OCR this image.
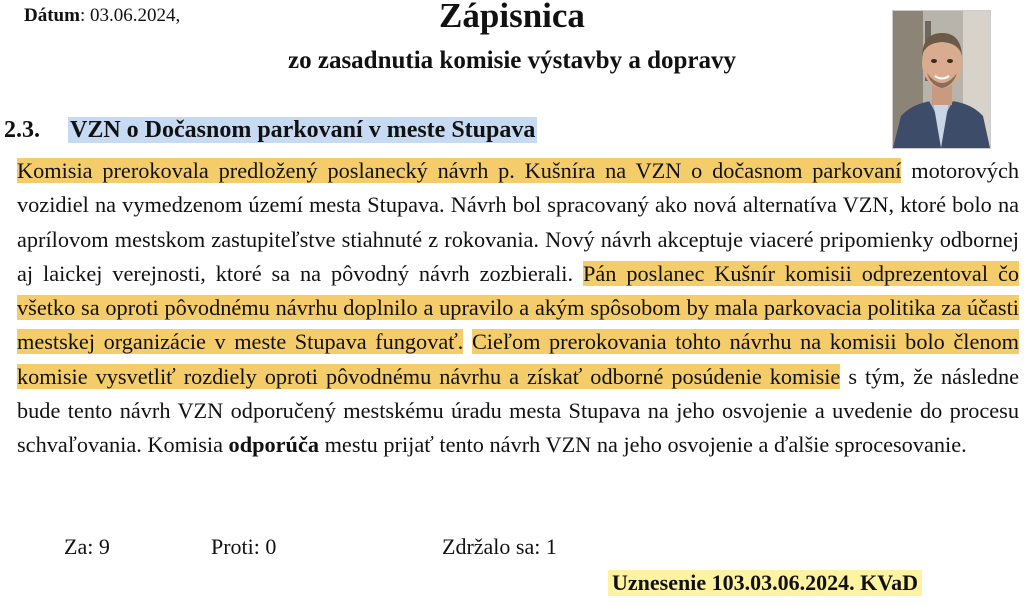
Dátum: 03.06.2024,	Zápisnica
zo zasadnutia komisie výstavby a dopravy
2.3. VZN o Dočasnom parkovaní v meste Stupava
Komisia prerokovala predložený poslanecký návrh p. Kušníra na VZN o dočasnom parkovaní motorových vozidiel na vymedzenom území mesta Stupava. Návrh bol spracovaný ako nová alternatíva VZN, ktoré bolo na aprílovom mestskom zastupiteľstve stiahnuté z rokovania. Nový návrh akceptuje viaceré pripomienky odbornej aj laickej verejnosti, ktoré sa na pôvodný návrh zozbierali. Pán poslanec Kušnír komisii odprezentoval čo všetko sa oproti pôvodnému návrhu doplnilo a upravilo a akým spôsobom by mala parkovacia politika za účasti mestskej organizácie v meste Stupava fungovať. Cieľom prerokovania tohto návrhu na komisii bolo členom komisie vysvetliť rozdiely oproti pôvodnému návrhu a získať odborné posúdenie komisie s tým, že následne bude tento návrh VZN odporučený mestskému úradu mesta Stupava na jeho osvojenie a uvedenie do procesu schvaľovania. Komisia odporúča mestu prijať tento návrh VZN na jeho osvojenie a ďalšie sprocesovanie.
Za: 9	Proti: 0	Zdržalo sa: 1
Uznesenie 103.03.06.2024. KVaD
